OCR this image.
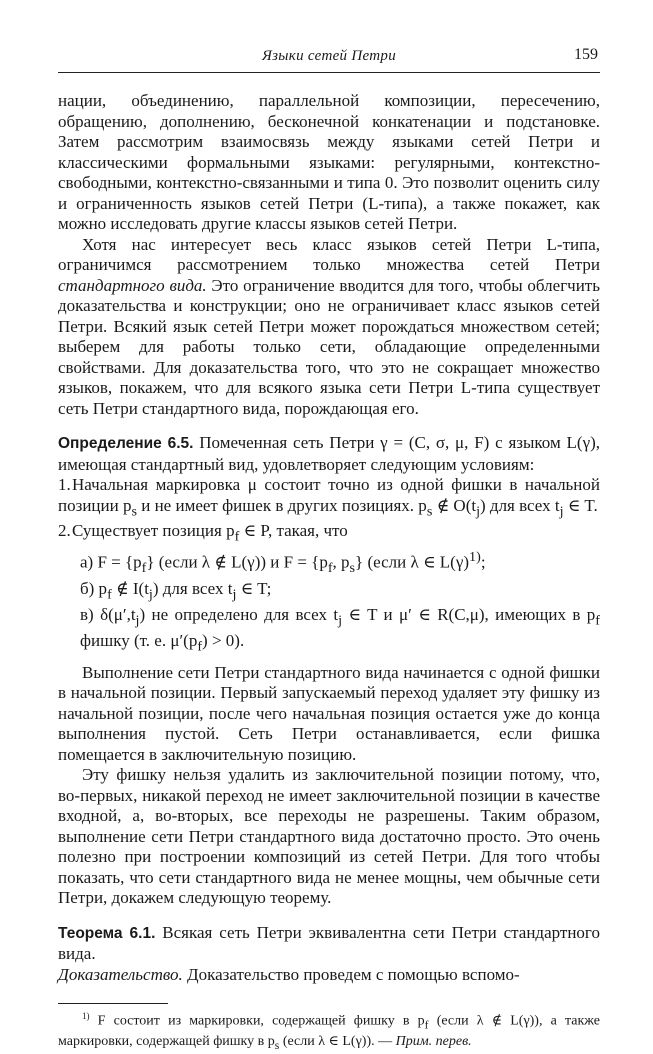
Языки сетей Петри	159

нации, объединению, параллельной композиции, пересечению, обращению, дополнению, бесконечной конкатенации и подстановке. Затем рассмотрим взаимосвязь между языками сетей Петри и классическими формальными языками: регулярными, контекстно-свободными, контекстно-связанными и типа 0. Это позволит оценить силу и ограниченность языков сетей Петри (L-типа), а также покажет, как можно исследовать другие классы языков сетей Петри.

Хотя нас интересует весь класс языков сетей Петри L-типа, ограничимся рассмотрением только множества сетей Петри стандартного вида. Это ограничение вводится для того, чтобы облегчить доказательства и конструкции; оно не ограничивает класс языков сетей Петри. Всякий язык сетей Петри может порождаться множеством сетей; выберем для работы только сети, обладающие определенными свойствами. Для доказательства того, что это не сокращает множество языков, покажем, что для всякого языка сети Петри L-типа существует сеть Петри стандартного вида, порождающая его.

Определение 6.5. Помеченная сеть Петри γ = (C, σ, μ, F) с языком L(γ), имеющая стандартный вид, удовлетворяет следующим условиям:

1.Начальная маркировка μ состоит точно из одной фишки в начальной позиции $p_s$ и не имеет фишек в других позициях. $p_s$ ∉ $O(t_j)$ для всех $t_j$ ∈ T.

2.Существует позиция $p_f$ ∈ P, такая, что

а) $F = \{p_f\}$ (если λ ∉ L(γ)) и $F = \{p_f$, $p_s$} (если λ ∈ $L(\gamma)^{1)}$;

б) $p_f$ ∉ $I(t_j)$ для всех $t_j$ ∈ T;

в) $\delta(\mu',t_j)$ не определено для всех $t_j$ ∈ T и μ′ ∈ R(C,μ), имеющих в $p_f$ фишку (т. е. $\mu'(p_f) > 0$).

Выполнение сети Петри стандартного вида начинается с одной фишки в начальной позиции. Первый запускаемый переход удаляет эту фишку из начальной позиции, после чего начальная позиция остается уже до конца выполнения пустой. Сеть Петри останавливается, если фишка помещается в заключительную позицию.

Эту фишку нельзя удалить из заключительной позиции потому, что, во-первых, никакой переход не имеет заключительной позиции в качестве входной, а, во-вторых, все переходы не разрешены. Таким образом, выполнение сети Петри стандартного вида достаточно просто. Это очень полезно при построении композиций из сетей Петри. Для того чтобы показать, что сети стандартного вида не менее мощны, чем обычные сети Петри, докажем следующую теорему.

Теорема 6.1. Всякая сеть Петри эквивалентна сети Петри стандартного вида.

Доказательство. Доказательство проведем с помощью вспомо-

$^{1)}$ F состоит из маркировки, содержащей фишку в $p_f$ (если λ ∉ L(γ)), а также маркировки, содержащей фишку в $p_s$ (если λ ∈ L(γ)). — Прим. перев.
